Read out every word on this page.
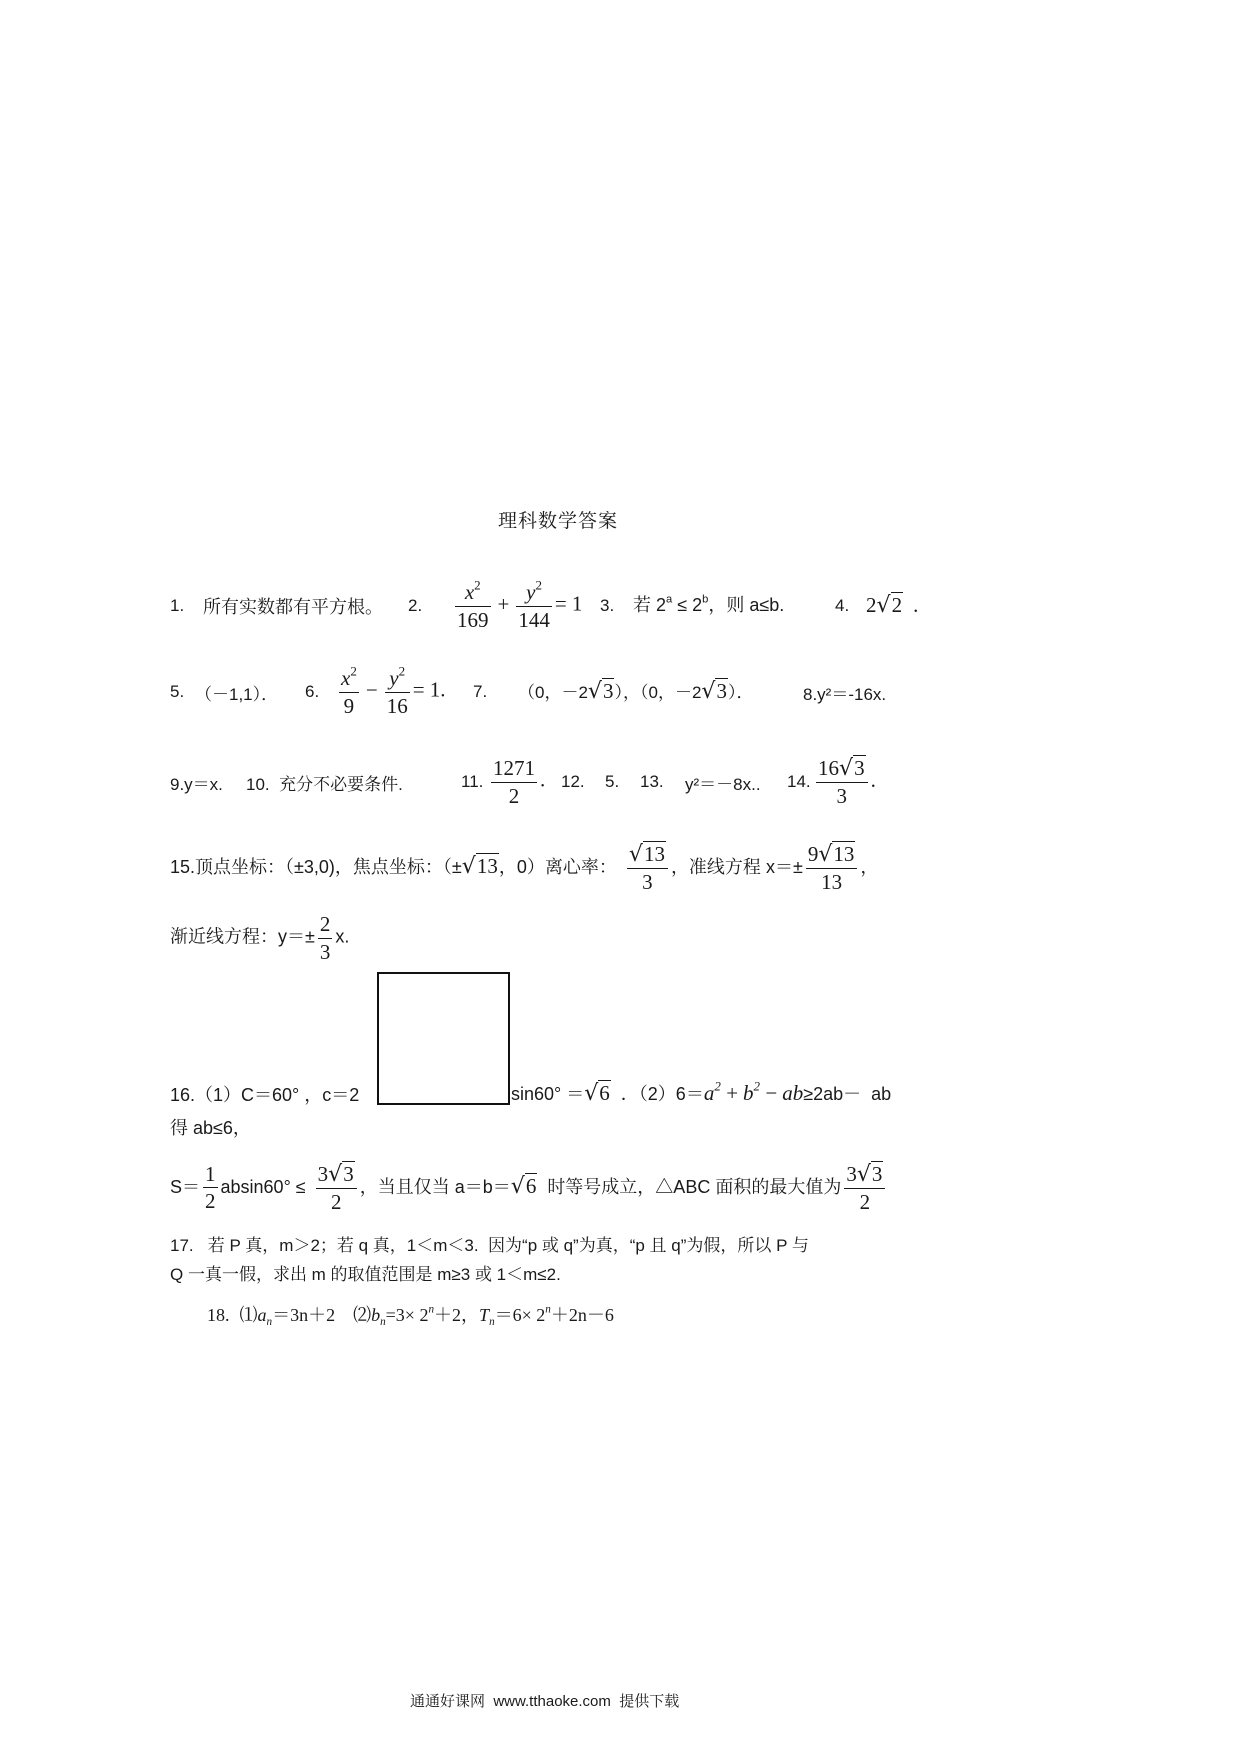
理科数学答案
1. 所有实数都有平方根。 2. $\frac{x^2}{169} + \frac{y^2}{144} = 1$ 3. 若 $2^a \le 2^b$，则 a≤b.	4. 2√2 .
5. （－1,1）． 6. $\frac{x^2}{9} - \frac{y^2}{16} = 1$. 7. （0，－2√3），（0，－2√3）．	8.y²＝-16x.
9.y＝x. 10.  充分不必要条件.	11. $\frac{1271}{2}$ . 12. 5. 13. y²＝－8x.. 14. $\frac{16√3}{3}$ .
15.顶点坐标：（±3,0)，焦点坐标：（±√13，0）离心率： $\frac{√13}{3}$ ，准线方程 $x=\pm \frac{9√13}{13}$ ，
渐近线方程：$y=\pm \frac{2}{3} x$.
16.（1）C＝60° ，c＝2	sin60° ＝√6 ．$(2)6=a^2 + b^2 - ab\ge 2ab-$  ab
得 ab≤6，
$S= \frac{1}{2} absin60^\circ \le \frac{3√3}{2}$ ，当且仅当 a＝b＝√6 时等号成立，△ABC 面积的最大值为 $\frac{3√3}{2}$
17.   若 P 真，m＞2；若 q 真，1＜m＜3.  因为“p 或 q”为真，“p 且 q”为假，所以 P 与
Q 一真一假，求出 m 的取值范围是 m≥3 或 1＜m≤2.
18. $⑴a_n=3n+2$ $⑵b_n=3\times 2^n+2$，$T_n=6\times 2^n+2n-6$
通通好课网  www.tthaoke.com  提供下载
